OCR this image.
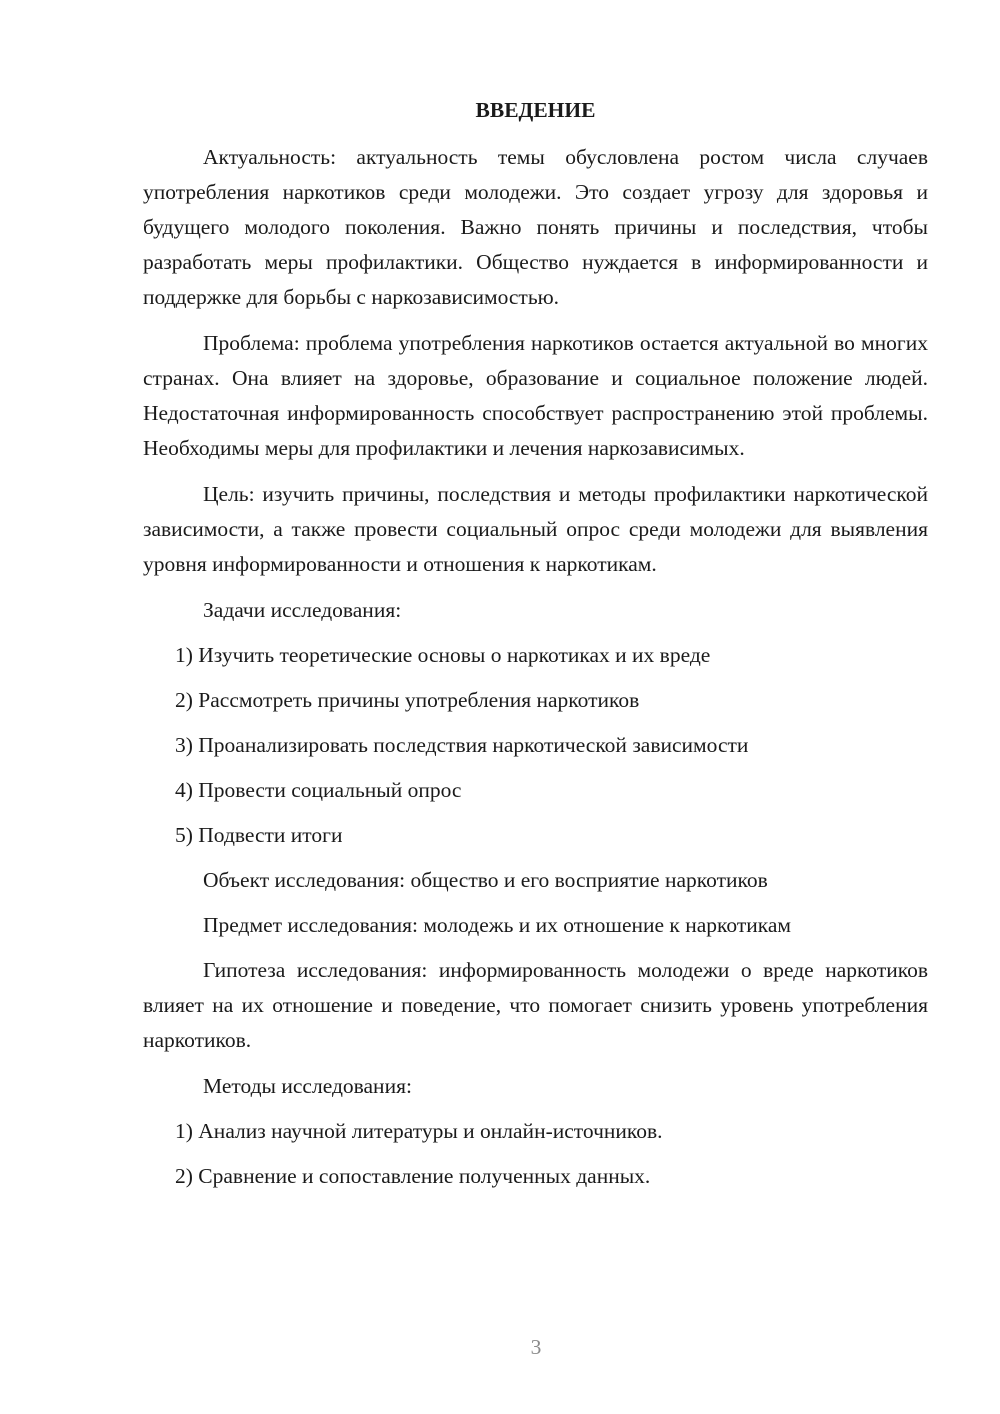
ВВЕДЕНИЕ

Актуальность: актуальность темы обусловлена ростом числа случаев употребления наркотиков среди молодежи. Это создает угрозу для здоровья и будущего молодого поколения. Важно понять причины и последствия, чтобы разработать меры профилактики. Общество нуждается в информированности и поддержке для борьбы с наркозависимостью.

Проблема: проблема употребления наркотиков остается актуальной во многих странах. Она влияет на здоровье, образование и социальное положение людей. Недостаточная информированность способствует распространению этой проблемы. Необходимы меры для профилактики и лечения наркозависимых.

Цель: изучить причины, последствия и методы профилактики наркотической зависимости, а также провести социальный опрос среди молодежи для выявления уровня информированности и отношения к наркотикам.

Задачи исследования:
1) Изучить теоретические основы о наркотиках и их вреде
2) Рассмотреть причины употребления наркотиков
3) Проанализировать последствия наркотической зависимости
4) Провести социальный опрос
5) Подвести итоги
Объект исследования: общество и его восприятие наркотиков
Предмет исследования: молодежь и их отношение к наркотикам

Гипотеза исследования: информированность молодежи о вреде наркотиков влияет на их отношение и поведение, что помогает снизить уровень употребления наркотиков.

Методы исследования:
1) Анализ научной литературы и онлайн-источников.
2) Сравнение и сопоставление полученных данных.
3
